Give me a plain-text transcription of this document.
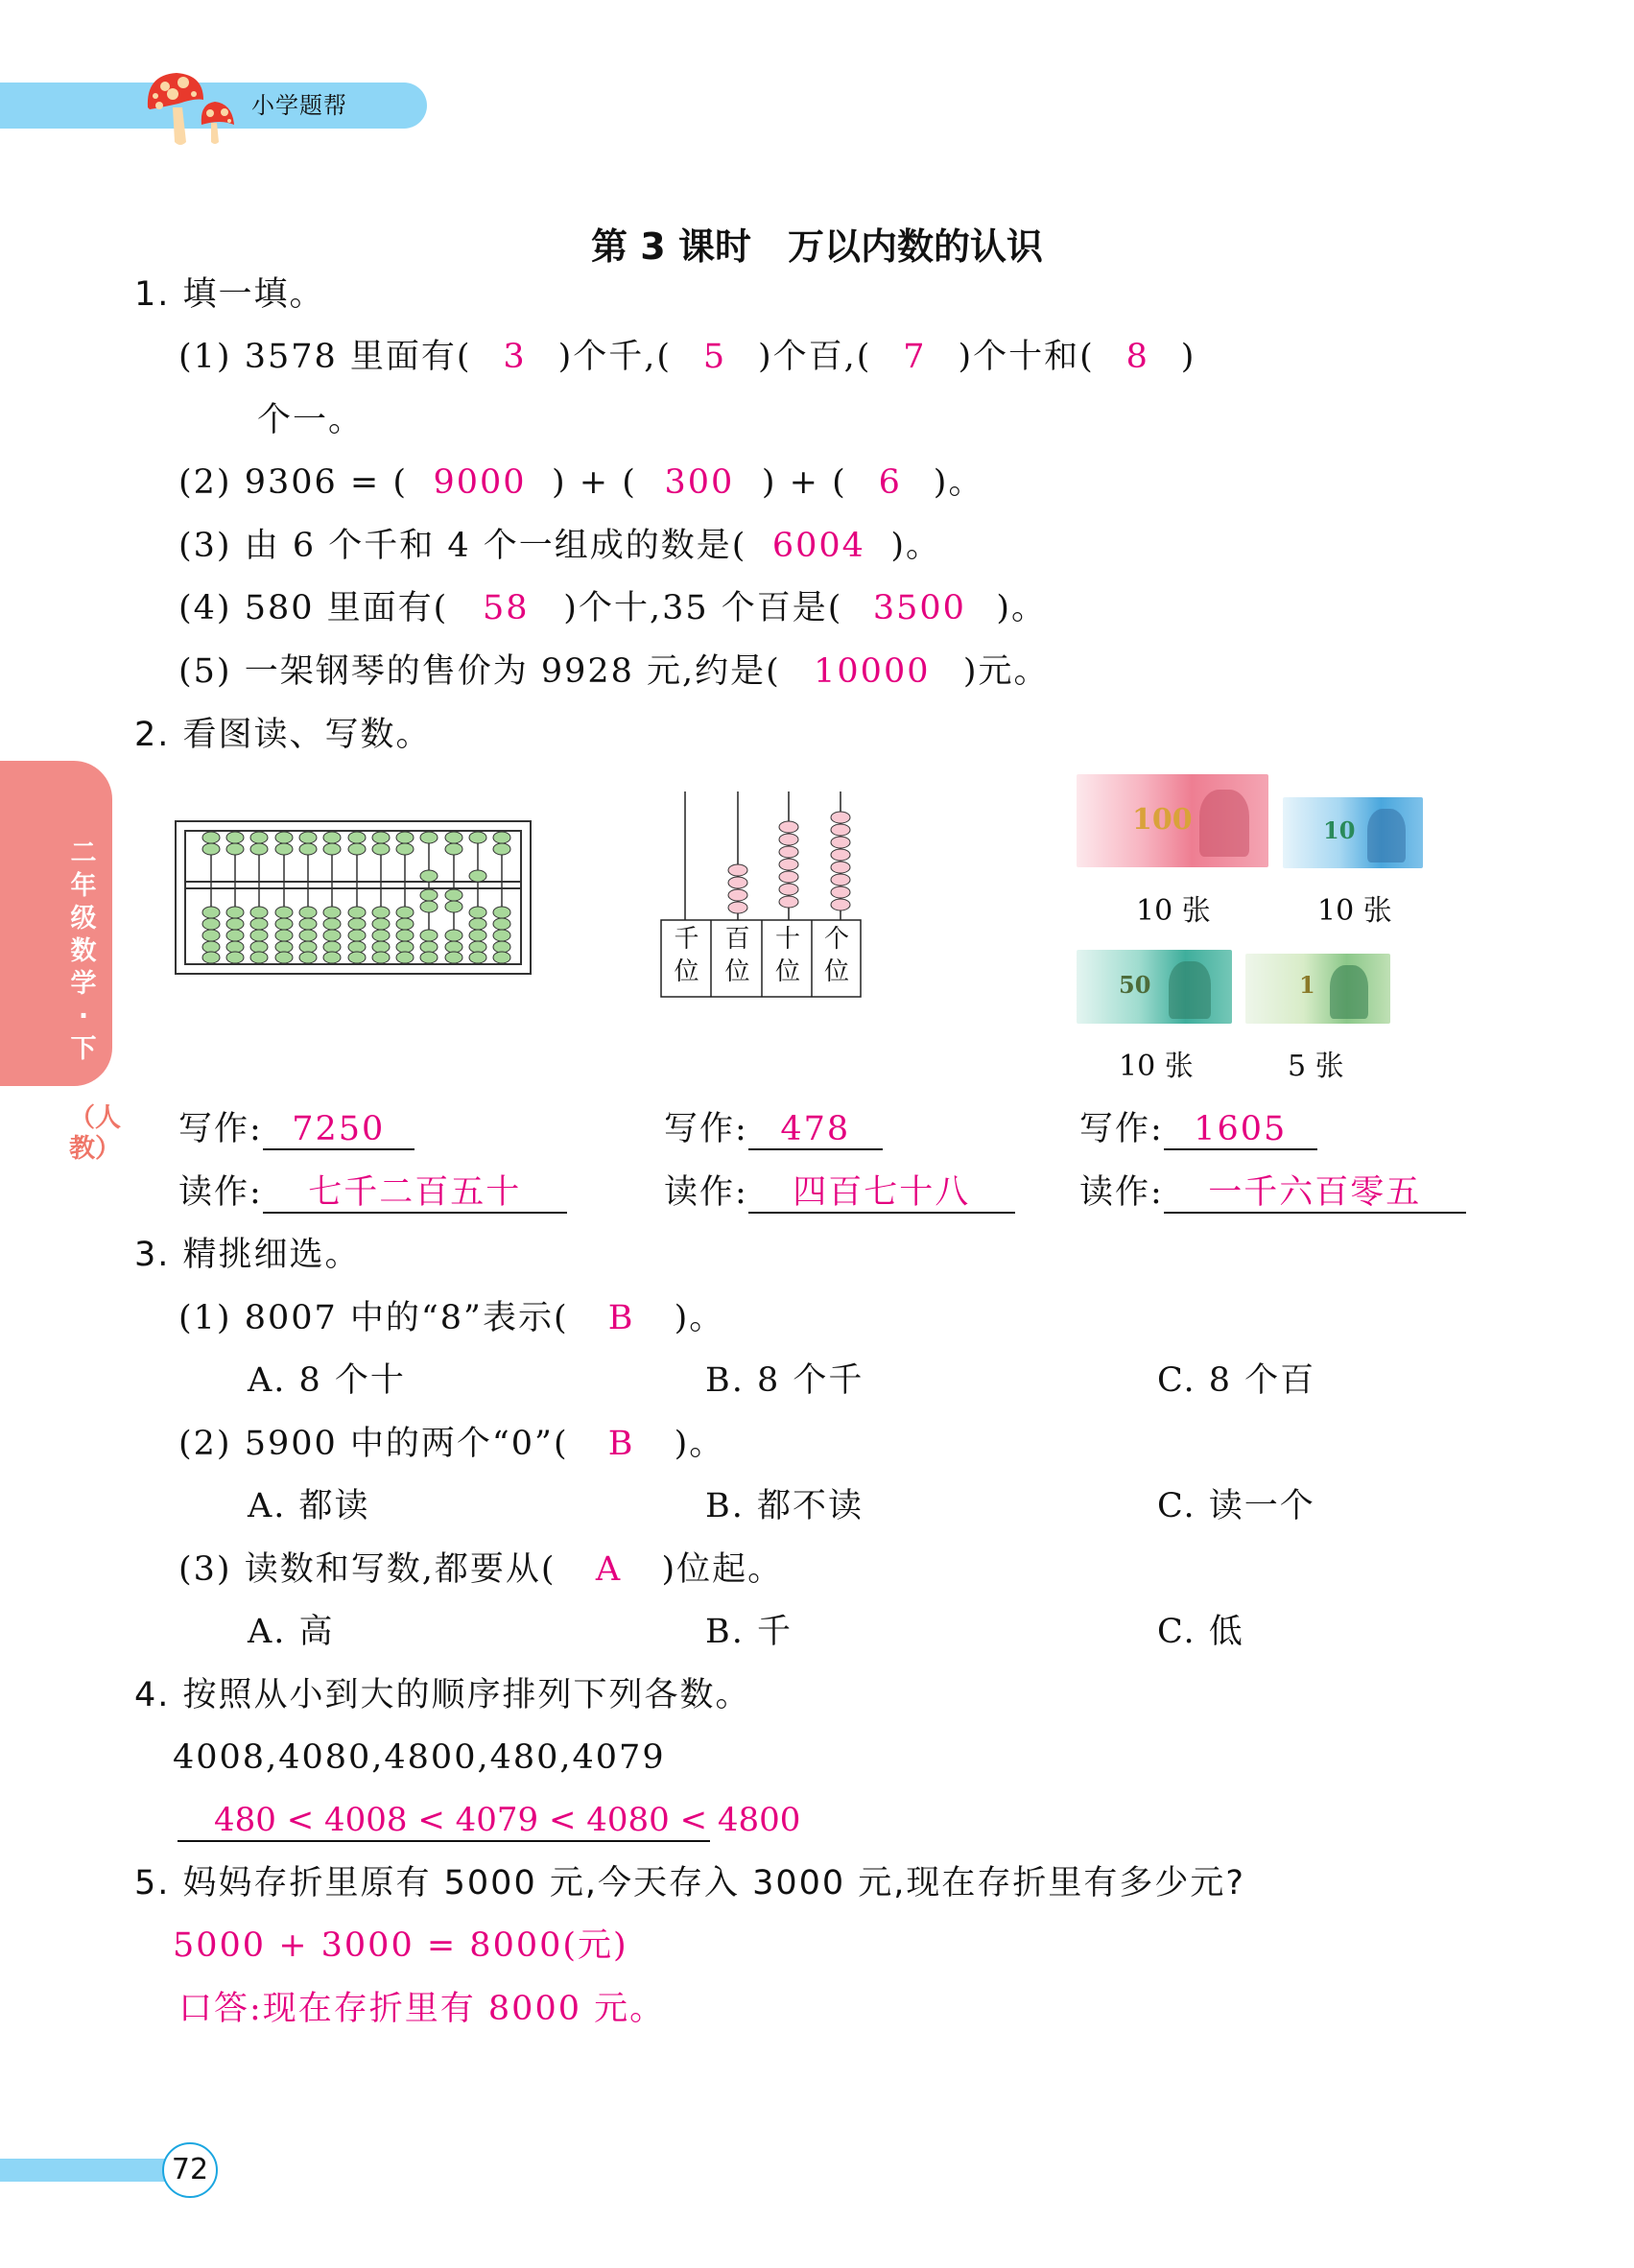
小学题帮
第 3 课时　万以内数的认识
二年级数学·下
（人教）
1. 填一填。
(1) 3578 里面有( 3 )个千,( 5 )个百,( 7 )个十和( 8 )
个一。
(2) 9306 = ( 9000 ) + ( 300 ) + ( 6 )。
(3) 由 6 个千和 4 个一组成的数是( 6004 )。
(4) 580 里面有( 58 )个十,35 个百是( 3500 )。
(5) 一架钢琴的售价为 9928 元,约是( 10000 )元。
2. 看图读、写数。
千位
百位
十位
个位
100	10
50	1
10 张	10 张
10 张	5 张
写作: 7250	写作: 478	写作: 1605
读作: 七千二百五十	读作: 四百七十八	读作: 一千六百零五
3. 精挑细选。
(1) 8007 中的“8”表示( B )。
A. 8 个十	B. 8 个千	C. 8 个百
(2) 5900 中的两个“0”( B )。
A. 都读	B. 都不读	C. 读一个
(3) 读数和写数,都要从( A )位起。
A. 高	B. 千	C. 低
4. 按照从小到大的顺序排列下列各数。
4008,4080,4800,480,4079
480 < 4008 < 4079 < 4080 < 4800
5. 妈妈存折里原有 5000 元,今天存入 3000 元,现在存折里有多少元?
5000 + 3000 = 8000(元)
口答:现在存折里有 8000 元。
72
